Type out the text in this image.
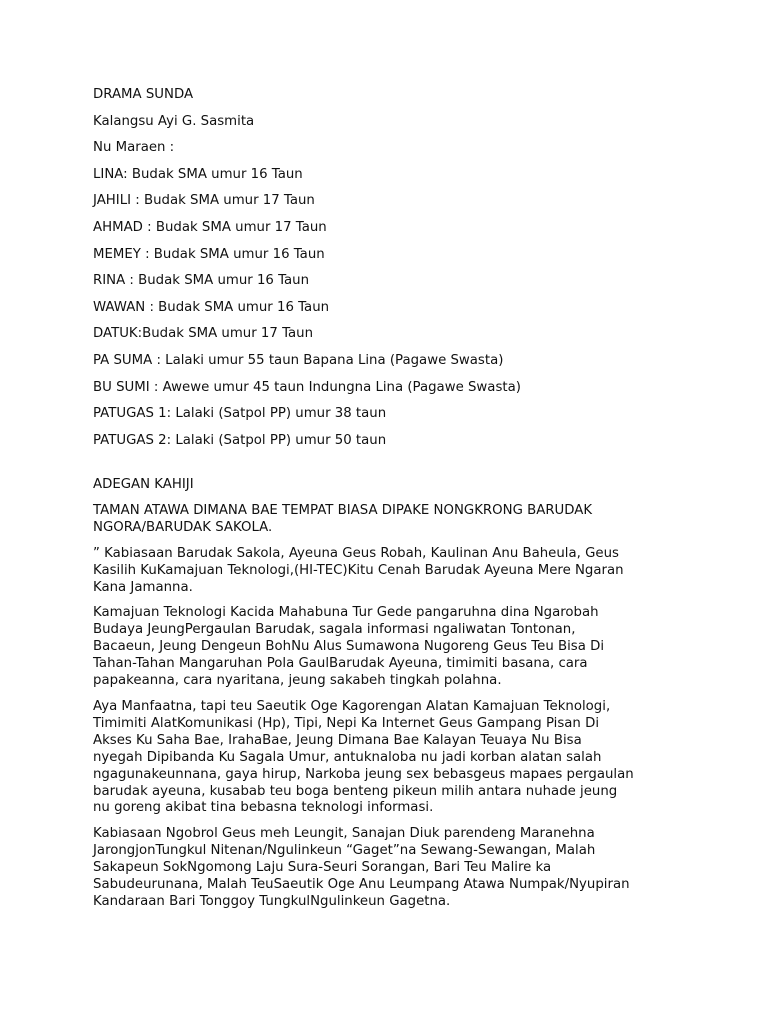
DRAMA SUNDA
Kalangsu Ayi G. Sasmita
Nu Maraen :
LINA: Budak SMA umur 16 Taun
JAHILI : Budak SMA umur 17 Taun
AHMAD : Budak SMA umur 17 Taun
MEMEY : Budak SMA umur 16 Taun
RINA : Budak SMA umur 16 Taun
WAWAN : Budak SMA umur 16 Taun
DATUK:Budak SMA umur 17 Taun
PA SUMA : Lalaki umur 55 taun Bapana Lina (Pagawe Swasta)
BU SUMI : Awewe umur 45 taun Indungna Lina (Pagawe Swasta)
PATUGAS 1: Lalaki (Satpol PP) umur 38 taun
PATUGAS 2: Lalaki (Satpol PP) umur 50 taun
ADEGAN KAHIJI
TAMAN ATAWA DIMANA BAE TEMPAT BIASA DIPAKE NONGKRONG BARUDAK
NGORA/BARUDAK SAKOLA.
” Kabiasaan Barudak Sakola, Ayeuna Geus Robah, Kaulinan Anu Baheula, Geus
Kasilih KuKamajuan Teknologi,(HI-TEC)Kitu Cenah Barudak Ayeuna Mere Ngaran
Kana Jamanna.
Kamajuan Teknologi Kacida Mahabuna Tur Gede pangaruhna dina Ngarobah
Budaya JeungPergaulan Barudak, sagala informasi ngaliwatan Tontonan,
Bacaeun, Jeung Dengeun BohNu Alus Sumawona Nugoreng Geus Teu Bisa Di
Tahan-Tahan Mangaruhan Pola GaulBarudak Ayeuna, timimiti basana, cara
papakeanna, cara nyaritana, jeung sakabeh tingkah polahna.
Aya Manfaatna, tapi teu Saeutik Oge Kagorengan Alatan Kamajuan Teknologi,
Timimiti AlatKomunikasi (Hp), Tipi, Nepi Ka Internet Geus Gampang Pisan Di
Akses Ku Saha Bae, IrahaBae, Jeung Dimana Bae Kalayan Teuaya Nu Bisa
nyegah Dipibanda Ku Sagala Umur, antuknaloba nu jadi korban alatan salah
ngagunakeunnana, gaya hirup, Narkoba jeung sex bebasgeus mapaes pergaulan
barudak ayeuna, kusabab teu boga benteng pikeun milih antara nuhade jeung
nu goreng akibat tina bebasna teknologi informasi.
Kabiasaan Ngobrol Geus meh Leungit, Sanajan Diuk parendeng Maranehna
JarongjonTungkul Nitenan/Ngulinkeun “Gaget”na Sewang-Sewangan, Malah
Sakapeun SokNgomong Laju Sura-Seuri Sorangan, Bari Teu Malire ka
Sabudeurunana, Malah TeuSaeutik Oge Anu Leumpang Atawa Numpak/Nyupiran
Kandaraan Bari Tonggoy TungkulNgulinkeun Gagetna.
